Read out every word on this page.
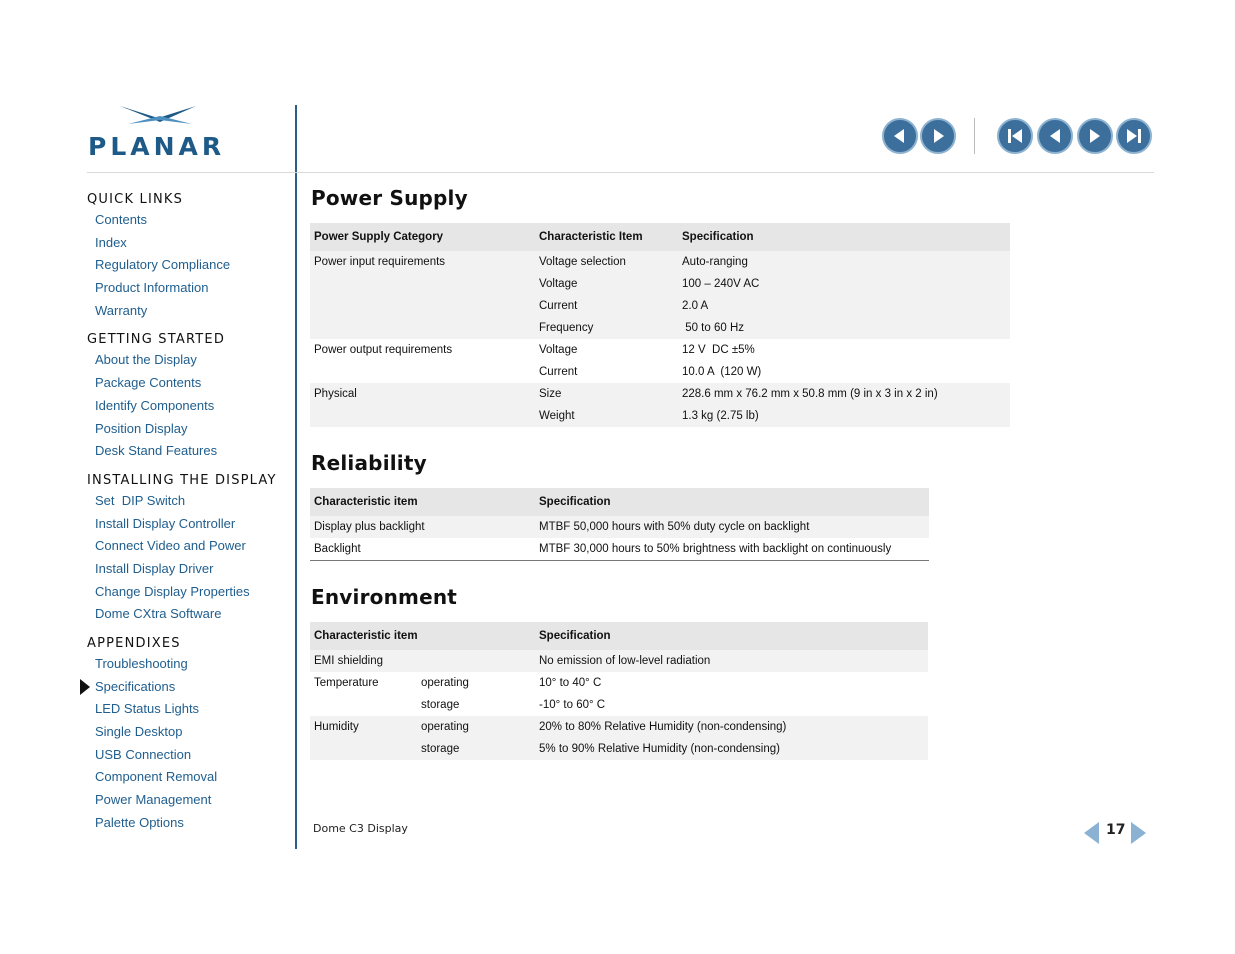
PLANAR
QUICK LINKS
Contents
Index
Regulatory Compliance
Product Information
Warranty
GETTING STARTED
About the Display
Package Contents
Identify Components
Position Display
Desk Stand Features
INSTALLING THE DISPLAY
Set  DIP Switch
Install Display Controller
Connect Video and Power
Install Display Driver
Change Display Properties
Dome CXtra Software
APPENDIXES
Troubleshooting
Specifications
LED Status Lights
Single Desktop
USB Connection
Component Removal
Power Management
Palette Options
Power Supply
Power Supply Category	Characteristic Item	Specification
Power input requirements	Voltage selection	Auto-ranging
	Voltage	100 – 240V AC
	Current	2.0 A
	Frequency	50 to 60 Hz
Power output requirements	Voltage	12 V  DC ±5%
	Current	10.0 A  (120 W)
Physical	Size	228.6 mm x 76.2 mm x 50.8 mm (9 in x 3 in x 2 in)
	Weight	1.3 kg (2.75 lb)
Reliability
Characteristic item	Specification
Display plus backlight	MTBF 50,000 hours with 50% duty cycle on backlight
Backlight	MTBF 30,000 hours to 50% brightness with backlight on continuously
Environment
Characteristic item		Specification
EMI shielding		No emission of low-level radiation
Temperature	operating	10° to 40° C
	storage	-10° to 60° C
Humidity	operating	20% to 80% Relative Humidity (non-condensing)
	storage	5% to 90% Relative Humidity (non-condensing)
Dome C3 Display	17
